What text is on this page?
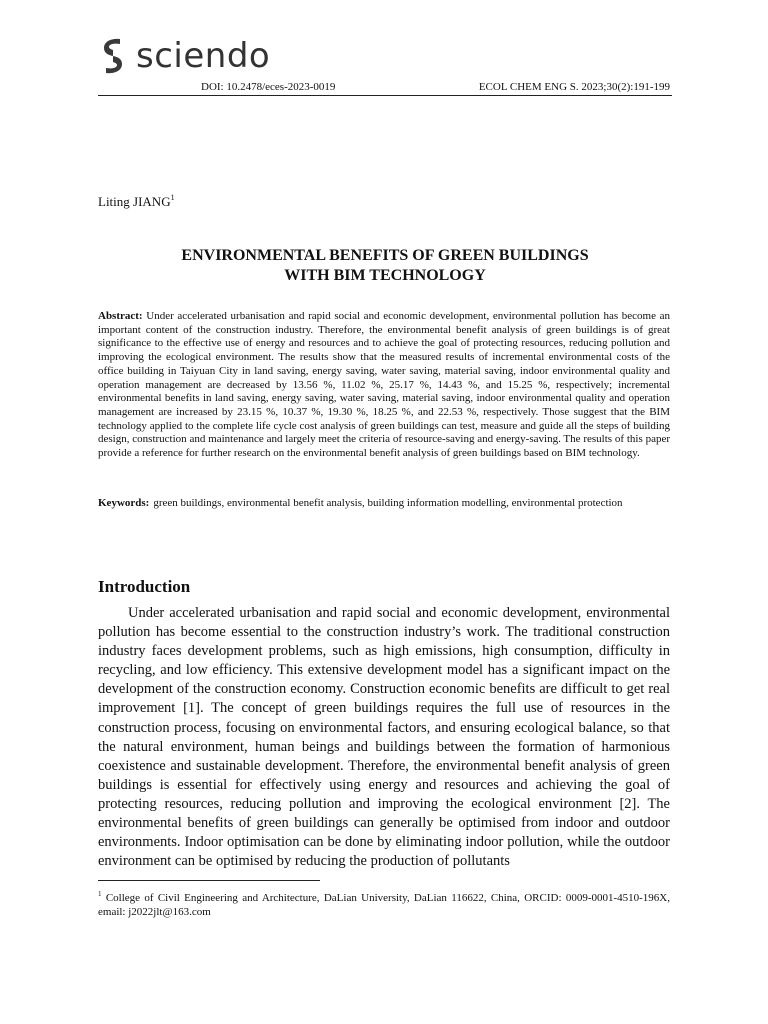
sciendo
DOI: 10.2478/eces-2023-0019	ECOL CHEM ENG S. 2023;30(2):191-199

Liting JIANG$^1$
ENVIRONMENTAL BENEFITS OF GREEN BUILDINGS
WITH BIM TECHNOLOGY

Abstract: Under accelerated urbanisation and rapid social and economic development, environmental pollution has become an important content of the construction industry. Therefore, the environmental benefit analysis of green buildings is of great significance to the effective use of energy and resources and to achieve the goal of protecting resources, reducing pollution and improving the ecological environment. The results show that the measured results of incremental environmental costs of the office building in Taiyuan City in land saving, energy saving, water saving, material saving, indoor environmental quality and operation management are decreased by 13.56 %, 11.02 %, 25.17 %, 14.43 %, and 15.25 %, respectively; incremental environmental benefits in land saving, energy saving, water saving, material saving, indoor environmental quality and operation management are increased by 23.15 %, 10.37 %, 19.30 %, 18.25 %, and 22.53 %, respectively. Those suggest that the BIM technology applied to the complete life cycle cost analysis of green buildings can test, measure and guide all the steps of building design, construction and maintenance and largely meet the criteria of resource-saving and energy-saving. The results of this paper provide a reference for further research on the environmental benefit analysis of green buildings based on BIM technology.

Keywords: green buildings, environmental benefit analysis, building information modelling, environmental protection
Introduction

Under accelerated urbanisation and rapid social and economic development, environmental pollution has become essential to the construction industry’s work. The traditional construction industry faces development problems, such as high emissions, high consumption, difficulty in recycling, and low efficiency. This extensive development model has a significant impact on the development of the construction economy. Construction economic benefits are difficult to get real improvement [1]. The concept of green buildings requires the full use of resources in the construction process, focusing on environmental factors, and ensuring ecological balance, so that the natural environment, human beings and buildings between the formation of harmonious coexistence and sustainable development. Therefore, the environmental benefit analysis of green buildings is essential for effectively using energy and resources and achieving the goal of protecting resources, reducing pollution and improving the ecological environment [2]. The environmental benefits of green buildings can generally be optimised from indoor and outdoor environments. Indoor optimisation can be done by eliminating indoor pollution, while the outdoor environment can be optimised by reducing the production of pollutants

$^1$ College of Civil Engineering and Architecture, DaLian University, DaLian 116622, China, ORCID: 0009-0001-4510-196X, email: j2022jlt@163.com
